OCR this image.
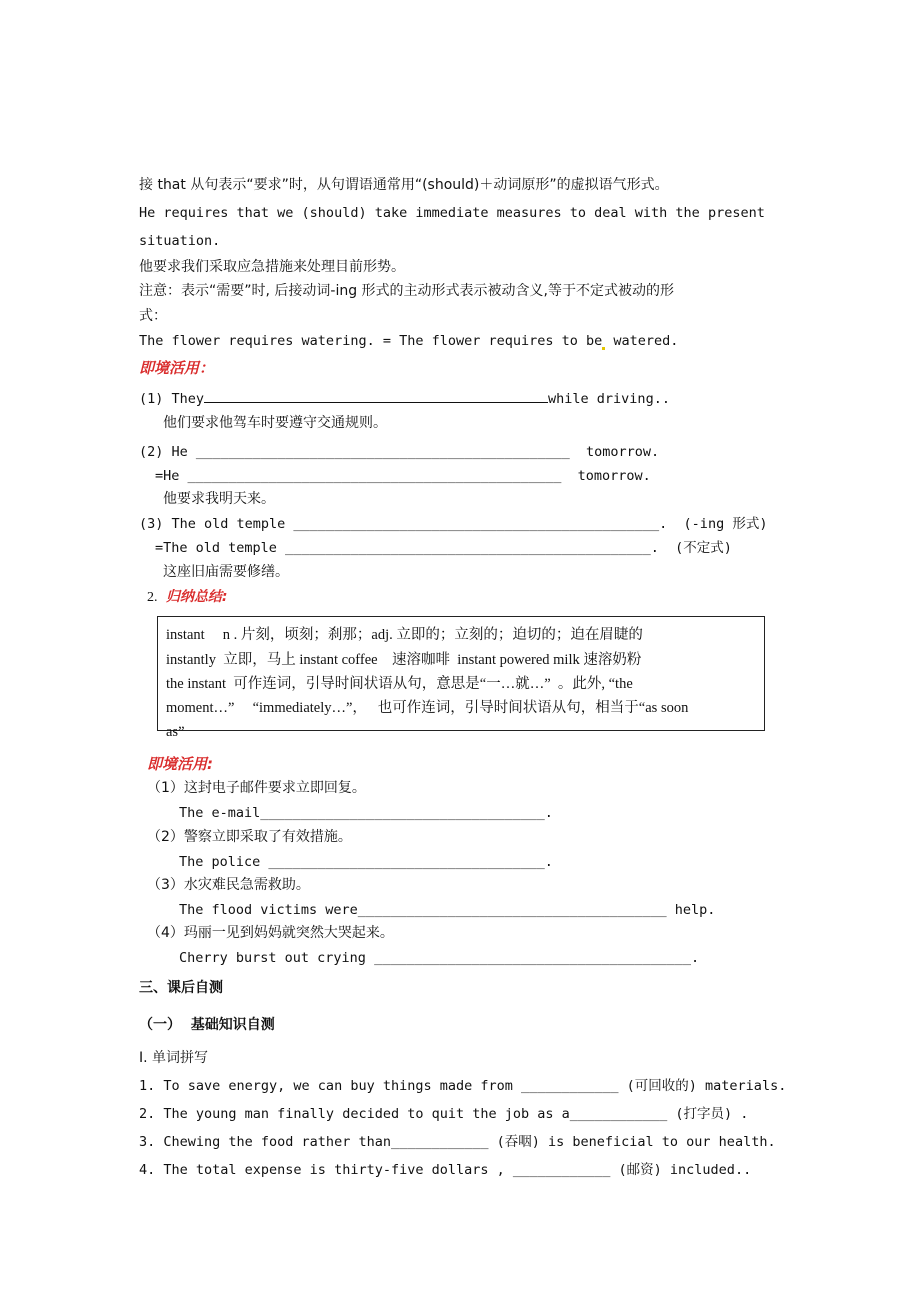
接 that 从句表示“要求”时，从句谓语通常用“(should)＋动词原形”的虚拟语气形式。
He requires that we (should) take immediate measures to deal with the present
situation.
他要求我们采取应急措施来处理目前形势。
注意：表示“需要”时, 后接动词-ing 形式的主动形式表示被动含义,等于不定式被动的形
式：
The flower requires watering. = The flower requires to be watered.
即境活用：
(1) They	while driving..
他们要求他驾车时要遵守交通规则。
(2) He ______________________________________________  tomorrow.
=He ______________________________________________  tomorrow.
他要求我明天来。
(3) The old temple _____________________________________________.  (-ing 形式)
=The old temple _____________________________________________.  (不定式)
这座旧庙需要修缮。
2. 归纳总结:
instant     n . 片刻，顷刻；刹那；adj. 立即的；立刻的；迫切的；迫在眉睫的
instantly  立即，马上 instant coffee    速溶咖啡  instant powered milk 速溶奶粉
the instant  可作连词，引导时间状语从句，意思是“一…就…”  。此外, “the
moment…”     “immediately…”，   也可作连词，引导时间状语从句，相当于“as soon
as”
即境活用:
（1）这封电子邮件要求立即回复。
The e-mail___________________________________.
（2）警察立即采取了有效措施。
The police __________________________________.
（3）水灾难民急需救助。
The flood victims were______________________________________ help.
（4）玛丽一见到妈妈就突然大哭起来。
Cherry burst out crying _______________________________________.
三、课后自测
（一）  基础知识自测
I. 单词拼写
1. To save energy, we can buy things made from ____________ (可回收的) materials.
2. The young man finally decided to quit the job as a____________ (打字员) .
3. Chewing the food rather than____________ (吞咽) is beneficial to our health.
4. The total expense is thirty-five dollars , ____________ (邮资) included..
